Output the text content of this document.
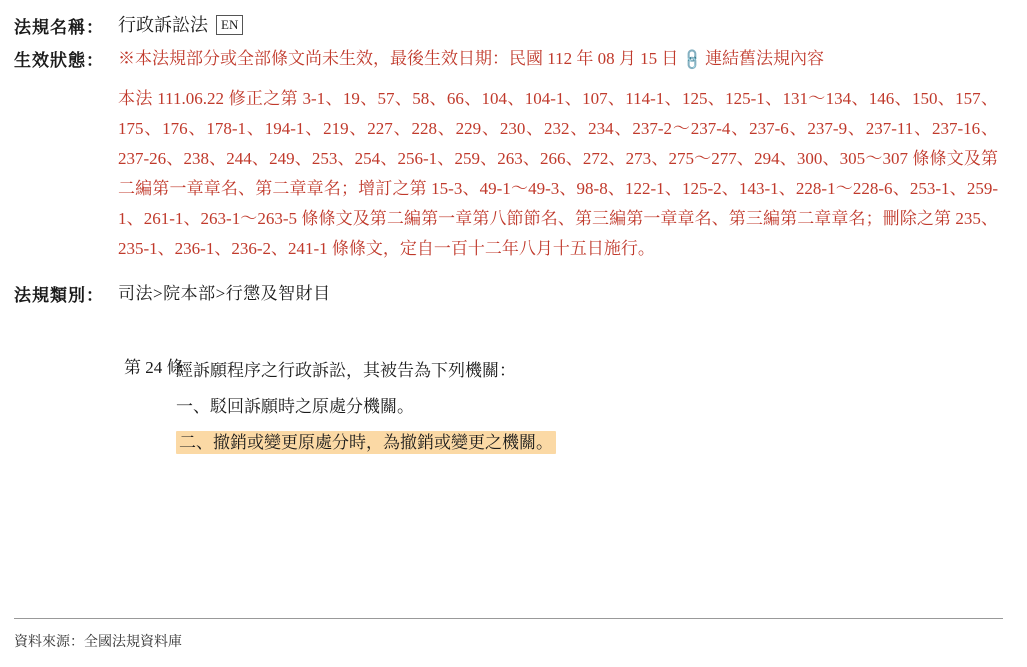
法規名稱： 行政訴訟法 EN
生效狀態： ※本法規部分或全部條文尚未生效，最後生效日期：民國 112 年 08 月 15 日 🔗連結舊法規內容
本法 111.06.22 修正之第 3-1、19、57、58、66、104、104-1、107、114-1、125、125-1、131～134、146、150、157、175、176、178-1、194-1、219、227、228、229、230、232、234、237-2～237-4、237-6、237-9、237-11、237-16、237-26、238、244、249、253、254、256-1、259、263、266、272、273、275～277、294、300、305～307 條條文及第二編第一章章名、第二章章名；增訂之第 15-3、49-1～49-3、98-8、122-1、125-2、143-1、228-1～228-6、253-1、259-1、261-1、263-1～263-5 條條文及第二編第一章第八節節名、第三編第一章章名、第三編第二章章名；刪除之第 235、235-1、236-1、236-2、241-1 條條文，定自一百十二年八月十五日施行。
法規類別： 司法>院本部>行懲及智財目
第 24 條
經訴願程序之行政訴訟，其被告為下列機關：
一、駁回訴願時之原處分機關。
二、撤銷或變更原處分時，為撤銷或變更之機關。
資料來源：全國法規資料庫
